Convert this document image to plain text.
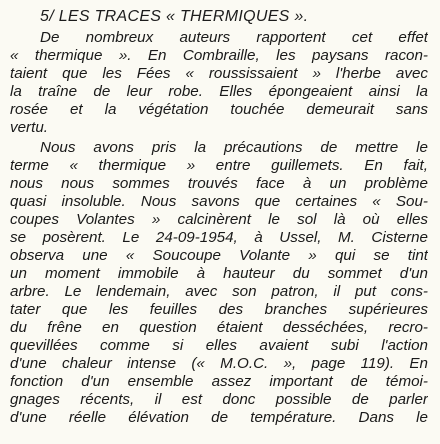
5/ LES TRACES « THERMIQUES ».
De nombreux auteurs rapportent cet effet
« thermique ». En Combraille, les paysans racon-
taient que les Fées « roussissaient » l'herbe avec
la traîne de leur robe. Elles épongeaient ainsi la
rosée et la végétation touchée demeurait sans
vertu.
Nous avons pris la précautions de mettre le
terme « thermique » entre guillemets. En fait,
nous nous sommes trouvés face à un problème
quasi insoluble. Nous savons que certaines « Sou-
coupes Volantes » calcinèrent le sol là où elles
se posèrent. Le 24-09-1954, à Ussel, M. Cisterne
observa une « Soucoupe Volante » qui se tint
un moment immobile à hauteur du sommet d'un
arbre. Le lendemain, avec son patron, il put cons-
tater que les feuilles des branches supérieures
du frêne en question étaient desséchées, recro-
quevillées comme si elles avaient subi l'action
d'une chaleur intense (« M.O.C. », page 119). En
fonction d'un ensemble assez important de témoi-
gnages récents, il est donc possible de parler
d'une réelle élévation de température. Dans le
